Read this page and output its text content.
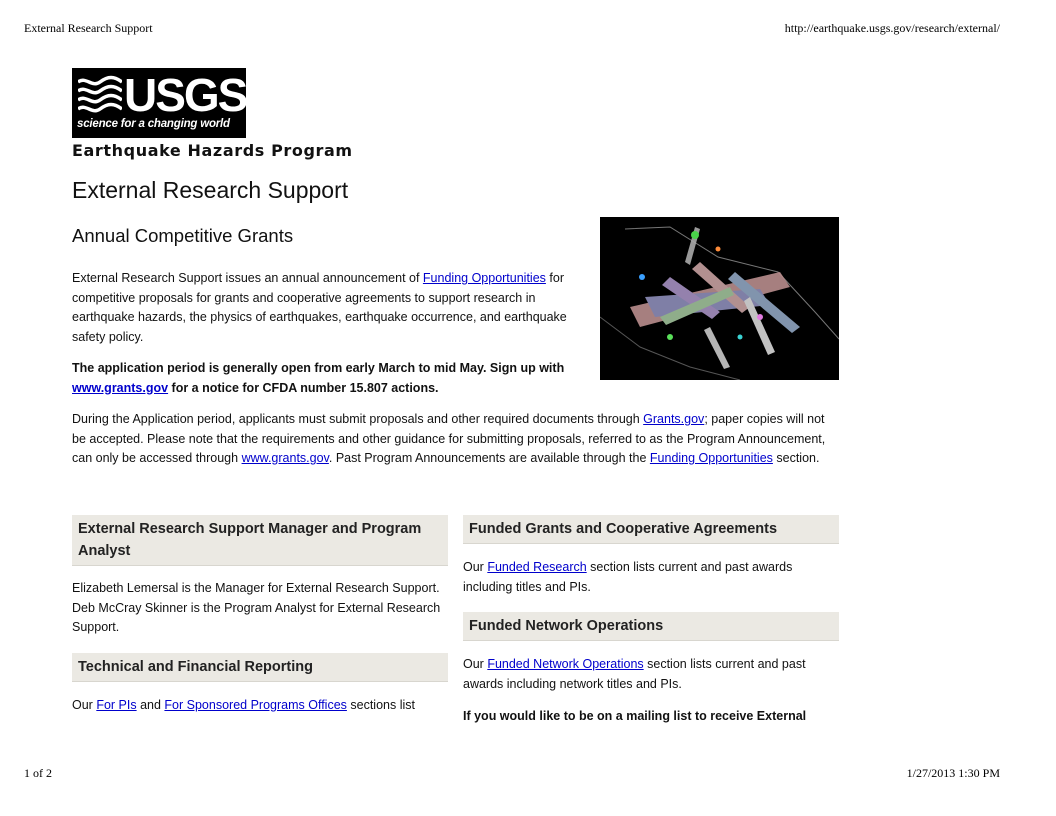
External Research Support	http://earthquake.usgs.gov/research/external/
USGS
science for a changing world
Earthquake Hazards Program
External Research Support
Annual Competitive Grants

External Research Support issues an annual announcement of Funding Opportunities for competitive proposals for grants and cooperative agreements to support research in earthquake hazards, the physics of earthquakes, earthquake occurrence, and earthquake safety policy.

The application period is generally open from early March to mid May. Sign up with www.grants.gov for a notice for CFDA number 15.807 actions.

During the Application period, applicants must submit proposals and other required documents through Grants.gov; paper copies will not be accepted. Please note that the requirements and other guidance for submitting proposals, referred to as the Program Announcement, can only be accessed through www.grants.gov. Past Program Announcements are available through the Funding Opportunities section.

External Research Support Manager and Program Analyst

Elizabeth Lemersal is the Manager for External Research Support.
Deb McCray Skinner is the Program Analyst for External Research Support.

Technical and Financial Reporting

Our For PIs and For Sponsored Programs Offices sections list

Funded Grants and Cooperative Agreements

Our Funded Research section lists current and past awards including titles and PIs.

Funded Network Operations

Our Funded Network Operations section lists current and past awards including network titles and PIs.

If you would like to be on a mailing list to receive External

1 of 2	1/27/2013 1:30 PM
